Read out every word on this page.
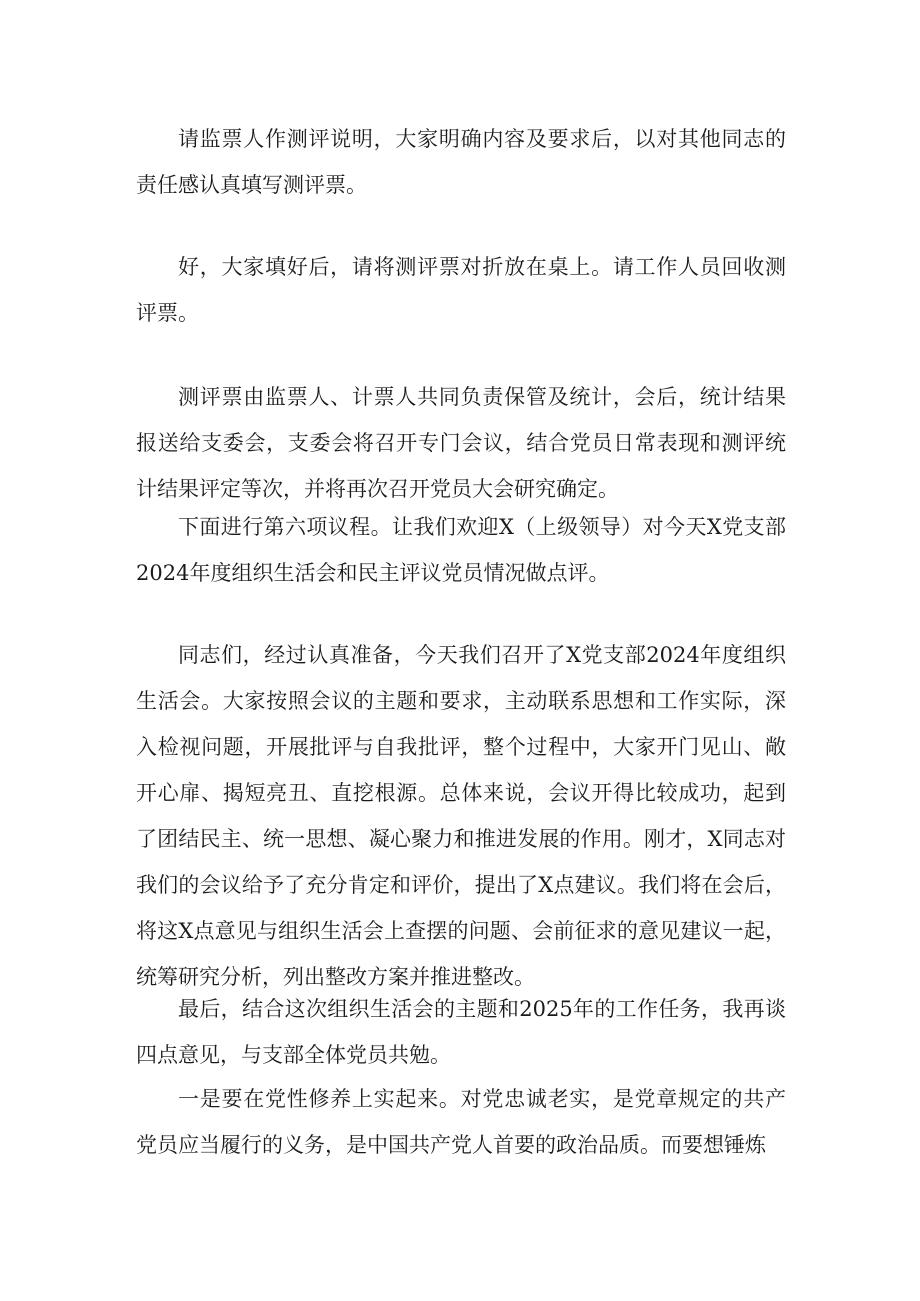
请监票人作测评说明，大家明确内容及要求后，以对其他同志的责任感认真填写测评票。

好，大家填好后，请将测评票对折放在桌上。请工作人员回收测评票。

测评票由监票人、计票人共同负责保管及统计，会后，统计结果报送给支委会，支委会将召开专门会议，结合党员日常表现和测评统计结果评定等次，并将再次召开党员大会研究确定。

下面进行第六项议程。让我们欢迎X（上级领导）对今天X党支部2024年度组织生活会和民主评议党员情况做点评。

同志们，经过认真准备，今天我们召开了X党支部2024年度组织生活会。大家按照会议的主题和要求，主动联系思想和工作实际，深入检视问题，开展批评与自我批评，整个过程中，大家开门见山、敞开心扉、揭短亮丑、直挖根源。总体来说，会议开得比较成功，起到了团结民主、统一思想、凝心聚力和推进发展的作用。刚才，X同志对我们的会议给予了充分肯定和评价，提出了X点建议。我们将在会后，将这X点意见与组织生活会上查摆的问题、会前征求的意见建议一起，统筹研究分析，列出整改方案并推进整改。

最后，结合这次组织生活会的主题和2025年的工作任务，我再谈四点意见，与支部全体党员共勉。

一是要在党性修养上实起来。对党忠诚老实，是党章规定的共产党员应当履行的义务，是中国共产党人首要的政治品质。而要想锤炼
